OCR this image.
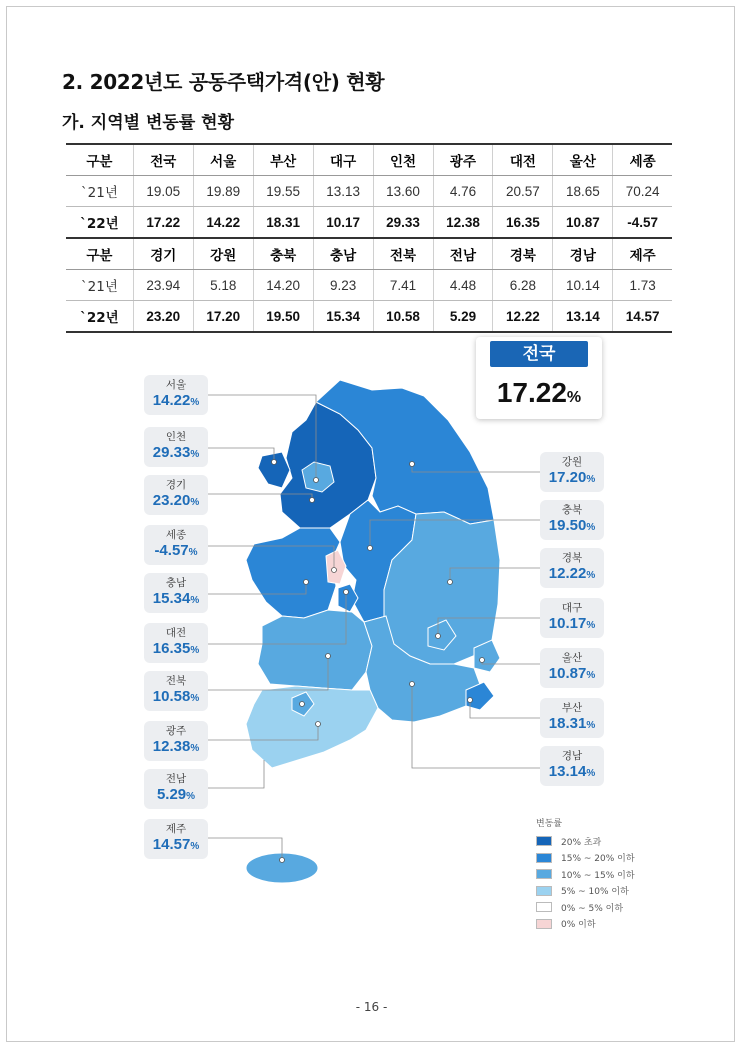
2. 2022년도 공동주택가격(안) 현황
가. 지역별 변동률 현황
구분	전국	서울	부산	대구	인천	광주	대전	울산	세종
`21년	19.05	19.89	19.55	13.13	13.60	4.76	20.57	18.65	70.24
`22년	17.22	14.22	18.31	10.17	29.33	12.38	16.35	10.87	-4.57
구분	경기	강원	충북	충남	전북	전남	경북	경남	제주
`21년	23.94	5.18	14.20	9.23	7.41	4.48	6.28	10.14	1.73
`22년	23.20	17.20	19.50	15.34	10.58	5.29	12.22	13.14	14.57
전국
17.22%
서울
14.22%
인천
29.33%
경기
23.20%
세종
-4.57%
충남
15.34%
대전
16.35%
전북
10.58%
광주
12.38%
전남
5.29%
제주
14.57%
강원
17.20%
충북
19.50%
경북
12.22%
대구
10.17%
울산
10.87%
부산
18.31%
경남
13.14%
변동률
20% 초과
15% ~ 20% 이하
10% ~ 15% 이하
5% ~ 10% 이하
0% ~ 5% 이하
0% 이하
- 16 -
